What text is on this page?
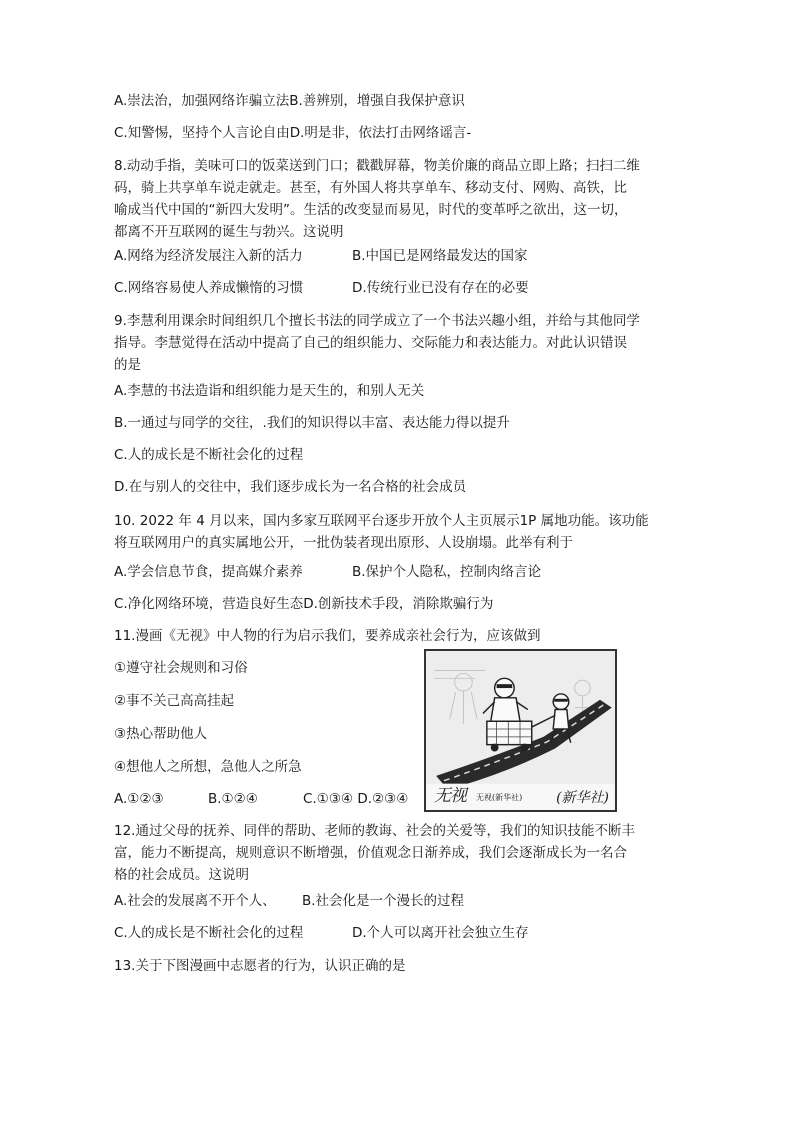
A.崇法治，加强网络诈骗立法B.善辨别，增强自我保护意识
C.知警惕，坚持个人言论自由D.明是非，依法打击网络谣言-
8.动动手指，美味可口的饭菜送到门口；戳戳屏幕，物美价廉的商品立即上路；扫扫二维
码，骑上共享单车说走就走。甚至，有外国人将共享单车、移动支付、网购、高铁，比
喻成当代中国的“新四大发明”。生活的改变显而易见，时代的变革呼之欲出，这一切，
都离不开互联网的诞生与勃兴。这说明
A.网络为经济发展注入新的活力	B.中国已是网络最发达的国家
C.网络容易使人养成懒惰的习惯	D.传统行业已没有存在的必要
9.李慧利用课余时间组织几个擅长书法的同学成立了一个书法兴趣小组，并给与其他同学
指导。李慧觉得在活动中提高了自己的组织能力、交际能力和表达能力。对此认识错误
的是
A.李慧的书法造诣和组织能力是天生的，和别人无关
B.一通过与同学的交往，.我们的知识得以丰富、表达能力得以提升
C.人的成长是不断社会化的过程
D.在与别人的交往中，我们逐步成长为一名合格的社会成员
10. 2022 年 4 月以来，国内多家互联网平台逐步开放个人主页展示1P 属地功能。该功能
将互联网用户的真实属地公开，一批伪装者现出原形、人设崩塌。此举有利于
A.学会信息节食，提高媒介素养	B.保护个人隐私，控制肉络言论
C.净化网络环境，营造良好生态D.创新技术手段，消除欺骗行为
11.漫画《无视》中人物的行为启示我们，要养成亲社会行为，应该做到
①遵守社会规则和习俗
②事不关己高高挂起
③热心帮助他人
④想他人之所想，急他人之所急
A.①②③	B.①②④	C.①③④ D.②③④ 无视 无视(新华社) (新华社)
12.通过父母的抚养、同伴的帮助、老师的教诲、社会的关爱等，我们的知识技能不断丰
富，能力不断提高，规则意识不断增强，价值观念日渐养成，我们会逐渐成长为一名合
格的社会成员。这说明
A.社会的发展离不开个人、 B.社会化是一个漫长的过程
C.人的成长是不断社会化的过程	D.个人可以离开社会独立生存
13.关于下图漫画中志愿者的行为，认识正确的是
